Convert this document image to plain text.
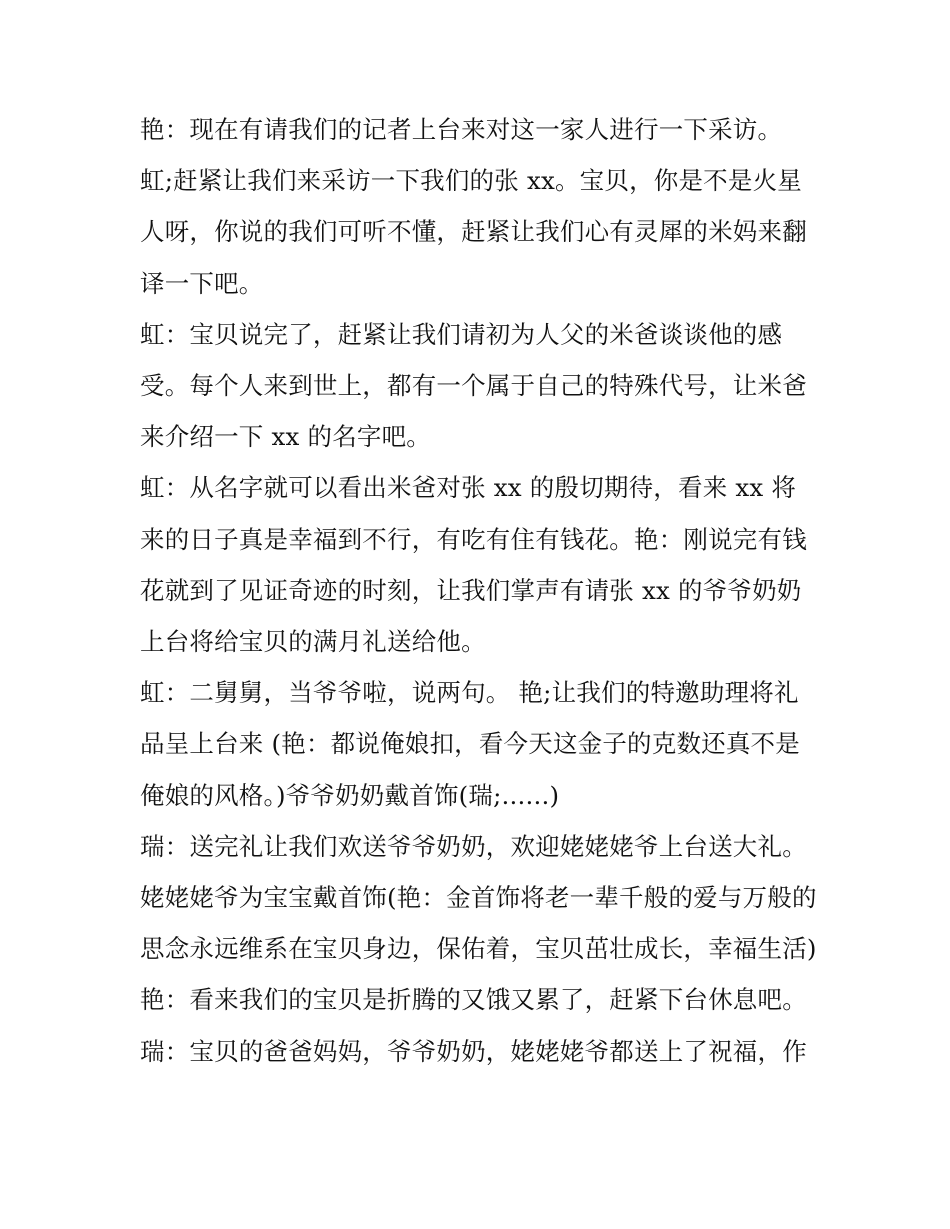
艳：现在有请我们的记者上台来对这一家人进行一下采访。

虹;赶紧让我们来采访一下我们的张 xx。宝贝，你是不是火星人呀，你说的我们可听不懂，赶紧让我们心有灵犀的米妈来翻译一下吧。

虹：宝贝说完了，赶紧让我们请初为人父的米爸谈谈他的感受。每个人来到世上，都有一个属于自己的特殊代号，让米爸来介绍一下 xx 的名字吧。

虹：从名字就可以看出米爸对张 xx 的殷切期待，看来 xx 将来的日子真是幸福到不行，有吃有住有钱花。艳：刚说完有钱花就到了见证奇迹的时刻，让我们掌声有请张 xx 的爷爷奶奶上台将给宝贝的满月礼送给他。

虹：二舅舅，当爷爷啦，说两句。 艳;让我们的特邀助理将礼品呈上台来 (艳：都说俺娘扣，看今天这金子的克数还真不是俺娘的风格。)爷爷奶奶戴首饰(瑞;......)

瑞：送完礼让我们欢送爷爷奶奶，欢迎姥姥姥爷上台送大礼。姥姥姥爷为宝宝戴首饰(艳：金首饰将老一辈千般的爱与万般的思念永远维系在宝贝身边，保佑着，宝贝茁壮成长，幸福生活)

艳：看来我们的宝贝是折腾的又饿又累了，赶紧下台休息吧。

瑞：宝贝的爸爸妈妈，爷爷奶奶，姥姥姥爷都送上了祝福，作
